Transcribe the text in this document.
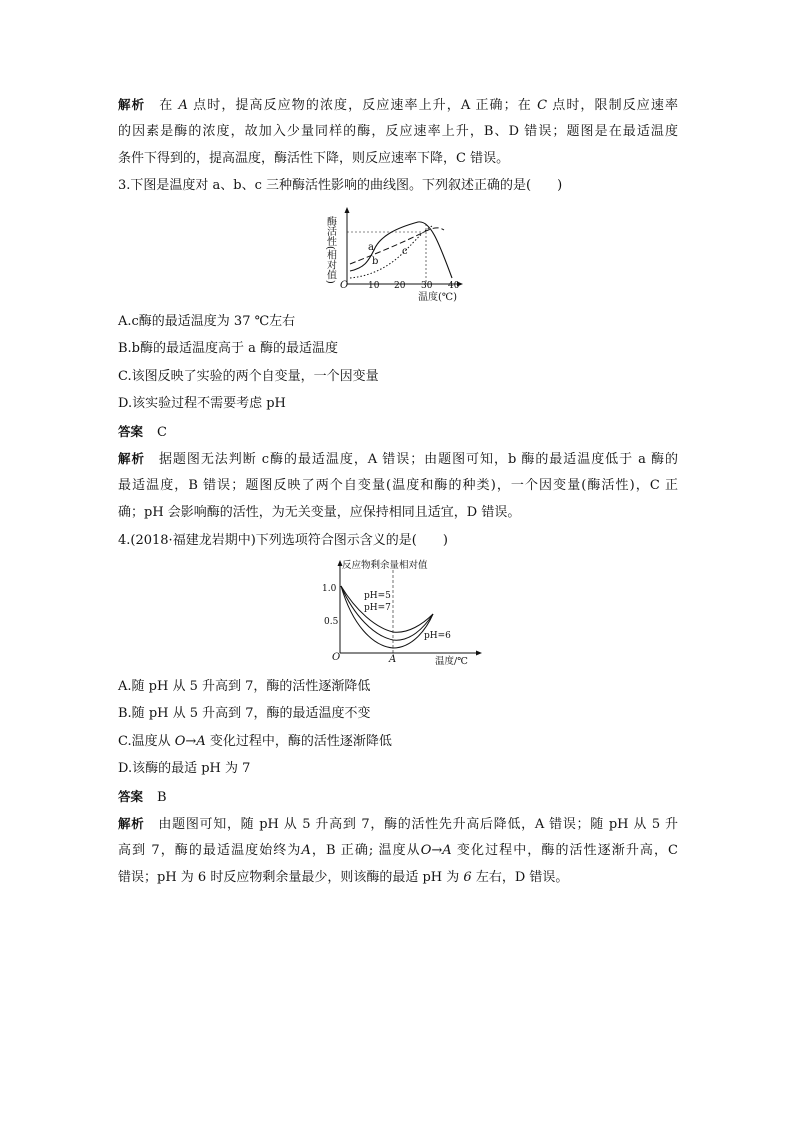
解析 在 A 点时，提高反应物的浓度，反应速率上升，A 正确；在 C 点时，限制反应速率
的因素是酶的浓度，故加入少量同样的酶，反应速率上升，B、D 错误；题图是在最适温度
条件下得到的，提高温度，酶活性下降，则反应速率下降，C 错误。
3.下图是温度对 a、b、c 三种酶活性影响的曲线图。下列叙述正确的是(　　)
酶活性(相对值)	a
b
c
O 10 20 30 40
温度(℃)
A.c酶的最适温度为 37 ℃左右
B.b酶的最适温度高于 a 酶的最适温度
C.该图反映了实验的两个自变量，一个因变量
D.该实验过程不需要考虑 pH
答案 C
解析 据题图无法判断 c酶的最适温度，A 错误；由题图可知，b 酶的最适温度低于 a 酶的
最适温度，B 错误；题图反映了两个自变量(温度和酶的种类)，一个因变量(酶活性)，C 正
确；pH 会影响酶的活性，为无关变量，应保持相同且适宜，D 错误。
4.(2018·福建龙岩期中)下列选项符合图示含义的是(　　)
反应物剩余量相对值
1.0
0.5
pH=5
pH=7
pH=6
O	A	温度/℃
A.随 pH 从 5 升高到 7，酶的活性逐渐降低
B.随 pH 从 5 升高到 7，酶的最适温度不变
C.温度从 O→A 变化过程中，酶的活性逐渐降低
D.该酶的最适 pH 为 7
答案 B
解析 由题图可知，随 pH 从 5 升高到 7，酶的活性先升高后降低，A 错误；随 pH 从 5 升
高到 7，酶的最适温度始终为A，B 正确; 温度从O→A 变化过程中，酶的活性逐渐升高，C
错误；pH 为 6 时反应物剩余量最少，则该酶的最适 pH 为 6 左右，D 错误。
